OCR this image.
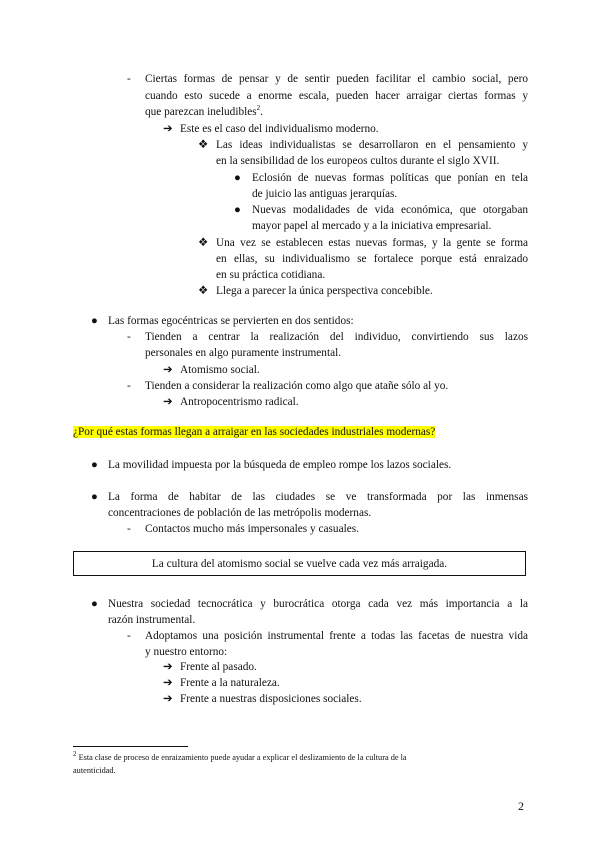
- Ciertas formas de pensar y de sentir pueden facilitar el cambio social, pero
cuando esto sucede a enorme escala, pueden hacer arraigar ciertas formas y
que parezcan ineludibles$^2$.
➔ Este es el caso del individualismo moderno.
❖ Las ideas individualistas se desarrollaron en el pensamiento y
en la sensibilidad de los europeos cultos durante el siglo XVII.
● Eclosión de nuevas formas políticas que ponían en tela
de juicio las antiguas jerarquías.
● Nuevas modalidades de vida económica, que otorgaban
mayor papel al mercado y a la iniciativa empresarial.
❖ Una vez se establecen estas nuevas formas, y la gente se forma
en ellas, su individualismo se fortalece porque está enraizado
en su práctica cotidiana.
❖ Llega a parecer la única perspectiva concebible.
● Las formas egocéntricas se pervierten en dos sentidos:
- Tienden a centrar la realización del individuo, convirtiendo sus lazos
personales en algo puramente instrumental.
➔ Atomismo social.
- Tienden a considerar la realización como algo que atañe sólo al yo.
➔ Antropocentrismo radical.
¿Por qué estas formas llegan a arraigar en las sociedades industriales modernas?
● La movilidad impuesta por la búsqueda de empleo rompe los lazos sociales.
● La forma de habitar de las ciudades se ve transformada por las inmensas
concentraciones de población de las metrópolis modernas.
- Contactos mucho más impersonales y casuales.
La cultura del atomismo social se vuelve cada vez más arraigada.
● Nuestra sociedad tecnocrática y burocrática otorga cada vez más importancia a la
razón instrumental.
- Adoptamos una posición instrumental frente a todas las facetas de nuestra vida
y nuestro entorno:
➔ Frente al pasado.
➔ Frente a la naturaleza.
➔ Frente a nuestras disposiciones sociales.
$^2$ Esta clase de proceso de enraizamiento puede ayudar a explicar el deslizamiento de la cultura de la
autenticidad.
2
